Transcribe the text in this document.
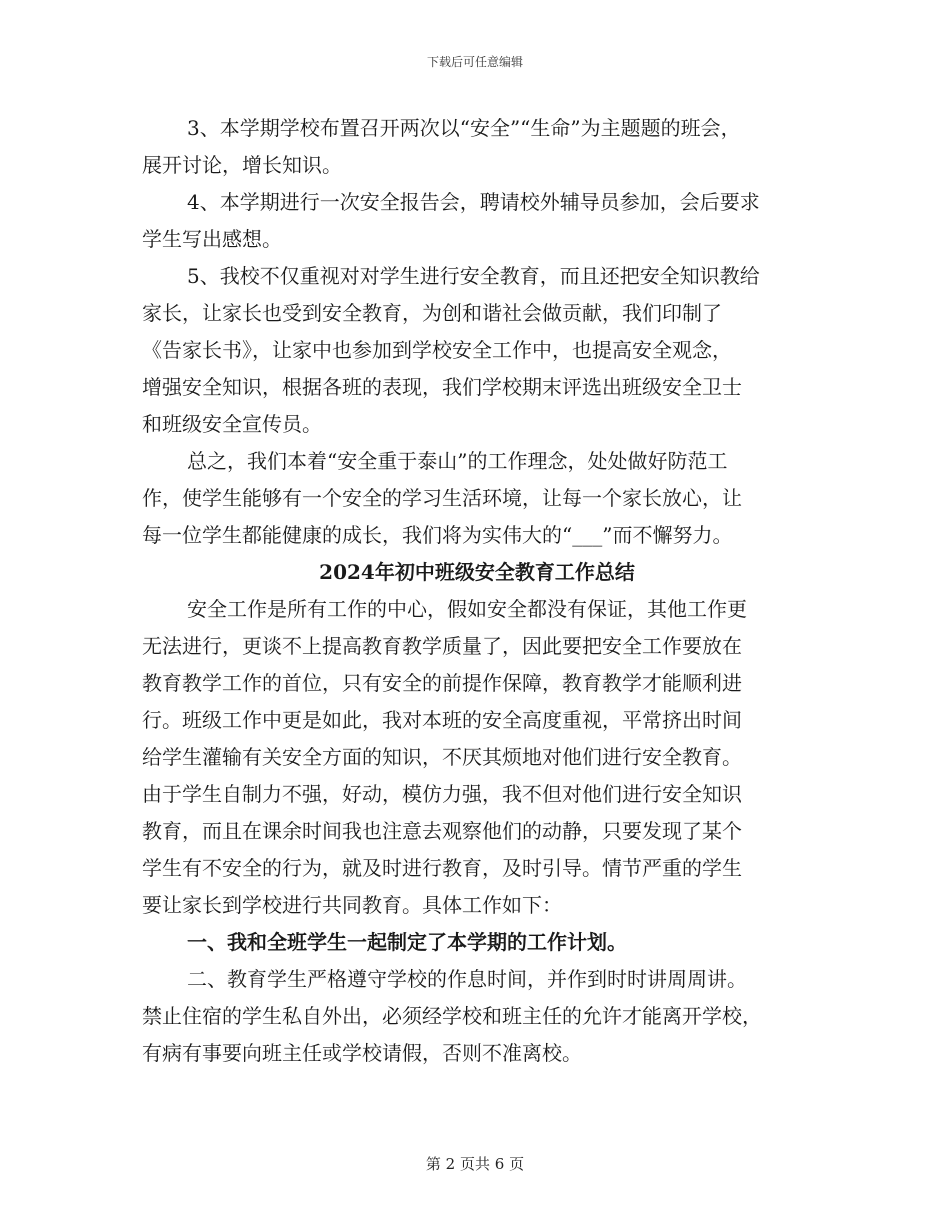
下载后可任意编辑
3、本学期学校布置召开两次以“安全”“生命”为主题题的班会，
展开讨论，增长知识。
4、本学期进行一次安全报告会，聘请校外辅导员参加，会后要求
学生写出感想。
5、我校不仅重视对对学生进行安全教育，而且还把安全知识教给
家长，让家长也受到安全教育，为创和谐社会做贡献，我们印制了
《告家长书》，让家中也参加到学校安全工作中，也提高安全观念，
增强安全知识，根据各班的表现，我们学校期末评选出班级安全卫士
和班级安全宣传员。
总之，我们本着“安全重于泰山”的工作理念，处处做好防范工
作，使学生能够有一个安全的学习生活环境，让每一个家长放心，让
每一位学生都能健康的成长，我们将为实伟大的“___”而不懈努力。
2024年初中班级安全教育工作总结
安全工作是所有工作的中心，假如安全都没有保证，其他工作更
无法进行，更谈不上提高教育教学质量了，因此要把安全工作要放在
教育教学工作的首位，只有安全的前提作保障，教育教学才能顺利进
行。班级工作中更是如此，我对本班的安全高度重视，平常挤出时间
给学生灌输有关安全方面的知识，不厌其烦地对他们进行安全教育。
由于学生自制力不强，好动，模仿力强，我不但对他们进行安全知识
教育，而且在课余时间我也注意去观察他们的动静，只要发现了某个
学生有不安全的行为，就及时进行教育，及时引导。情节严重的学生
要让家长到学校进行共同教育。具体工作如下：
一、我和全班学生一起制定了本学期的工作计划。
二、教育学生严格遵守学校的作息时间，并作到时时讲周周讲。
禁止住宿的学生私自外出，必须经学校和班主任的允许才能离开学校，
有病有事要向班主任或学校请假，否则不准离校。
第 2 页共 6 页
